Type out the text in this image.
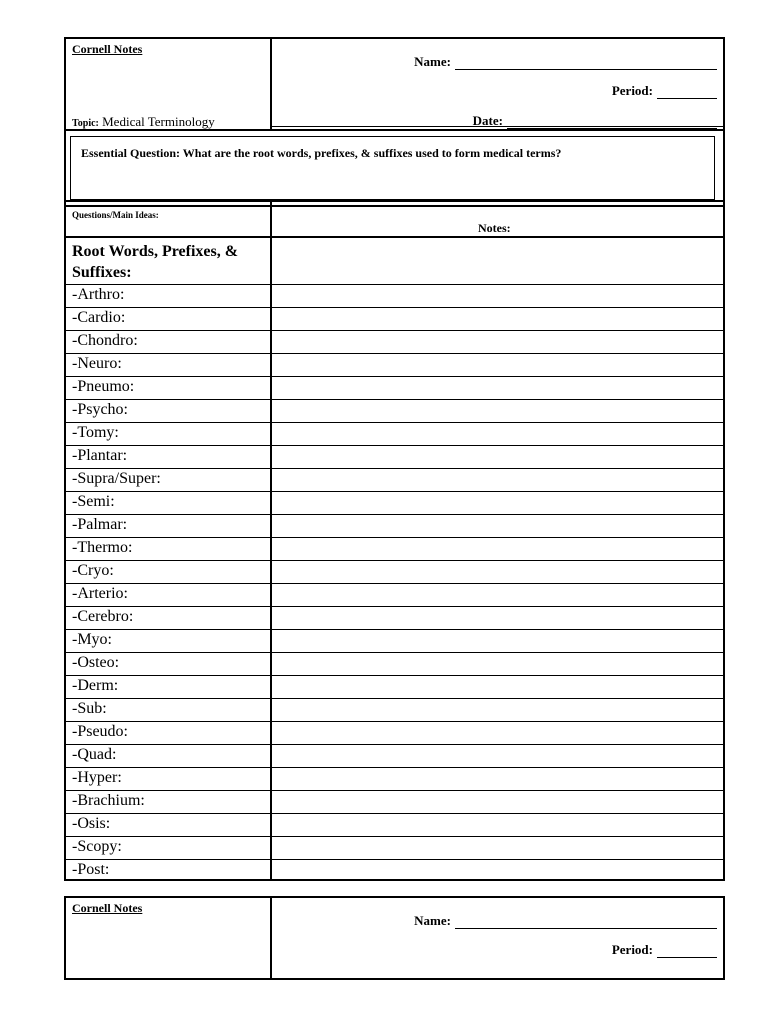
Cornell Notes
Topic: Medical Terminology
Name:
Period:
Date:
Essential Question: What are the root words, prefixes, & suffixes used to form medical terms?
Questions/Main Ideas:
Notes:
Root Words, Prefixes, & Suffixes:
-Arthro:
-Cardio:
-Chondro:
-Neuro:
-Pneumo:
-Psycho:
-Tomy:
-Plantar:
-Supra/Super:
-Semi:
-Palmar:
-Thermo:
-Cryo:
-Arterio:
-Cerebro:
-Myo:
-Osteo:
-Derm:
-Sub:
-Pseudo:
-Quad:
-Hyper:
-Brachium:
-Osis:
-Scopy:
-Post:
Cornell Notes
Name:
Period:
